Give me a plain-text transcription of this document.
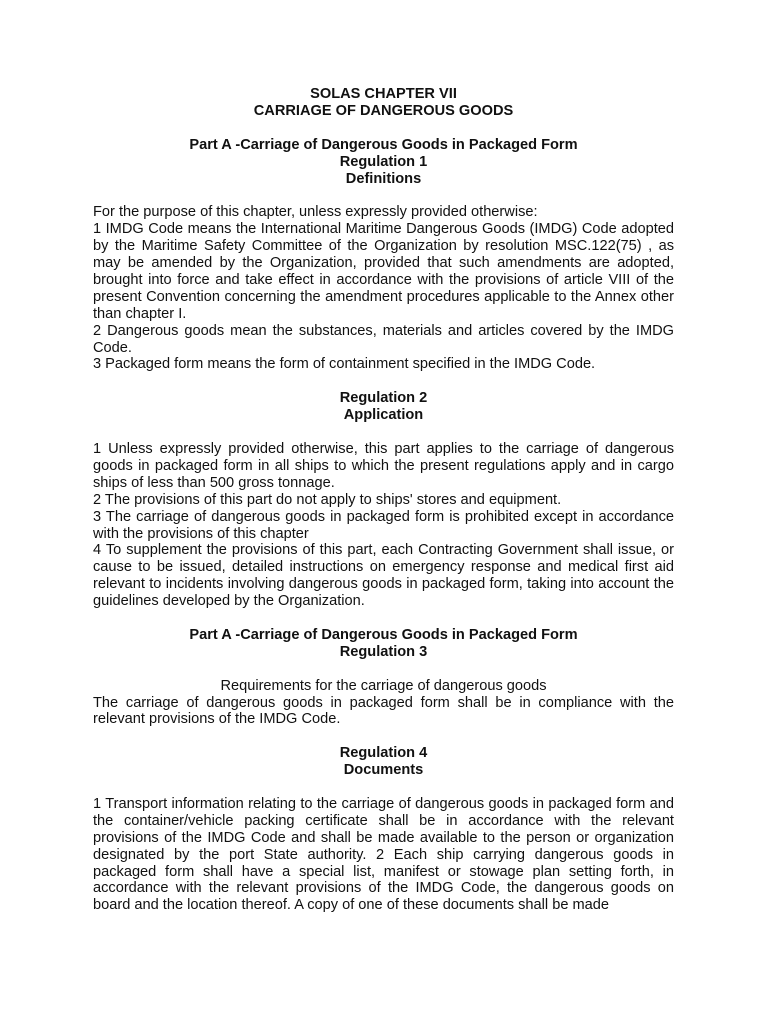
SOLAS CHAPTER VII
CARRIAGE OF DANGEROUS GOODS
Part A -Carriage of Dangerous Goods in Packaged Form
Regulation 1
Definitions
For the purpose of this chapter, unless expressly provided otherwise:
1 IMDG Code means the International Maritime Dangerous Goods (IMDG) Code adopted by the Maritime Safety Committee of the Organization by resolution MSC.122(75) , as may be amended by the Organization, provided that such amendments are adopted, brought into force and take effect in accordance with the provisions of article VIII of the present Convention concerning the amendment procedures applicable to the Annex other than chapter I.
2 Dangerous goods mean the substances, materials and articles covered by the IMDG Code.
3 Packaged form means the form of containment specified in the IMDG Code.
Regulation 2
Application
1 Unless expressly provided otherwise, this part applies to the carriage of dangerous goods in packaged form in all ships to which the present regulations apply and in cargo ships of less than 500 gross tonnage.
2 The provisions of this part do not apply to ships' stores and equipment.
3 The carriage of dangerous goods in packaged form is prohibited except in accordance with the provisions of this chapter
4 To supplement the provisions of this part, each Contracting Government shall issue, or cause to be issued, detailed instructions on emergency response and medical first aid relevant to incidents involving dangerous goods in packaged form, taking into account the guidelines developed by the Organization.
Part A -Carriage of Dangerous Goods in Packaged Form
Regulation 3
Requirements for the carriage of dangerous goods
The carriage of dangerous goods in packaged form shall be in compliance with the relevant provisions of the IMDG Code.
Regulation 4
Documents
1 Transport information relating to the carriage of dangerous goods in packaged form and the container/vehicle packing certificate shall be in accordance with the relevant provisions of the IMDG Code and shall be made available to the person or organization designated by the port State authority. 2 Each ship carrying dangerous goods in packaged form shall have a special list, manifest or stowage plan setting forth, in accordance with the relevant provisions of the IMDG Code, the dangerous goods on board and the location thereof. A copy of one of these documents shall be made
